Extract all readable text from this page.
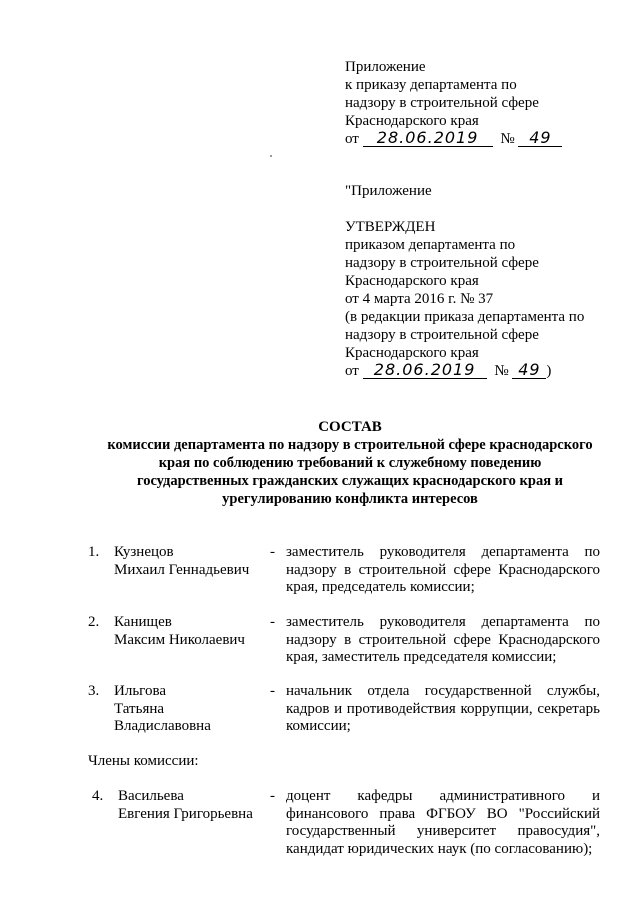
Приложение
к приказу департамента по
надзору в строительной сфере
Краснодарского края
от 28.06.2019 № 49
"Приложение
УТВЕРЖДЕН
приказом департамента по
надзору в строительной сфере
Краснодарского края
от 4 марта 2016 г. № 37
(в редакции приказа департамента по
надзору в строительной сфере
Краснодарского края
от 28.06.2019 № 49 )
СОСТАВ
комиссии департамента по надзору в строительной сфере краснодарского
края по соблюдению требований к служебному поведению
государственных гражданских служащих краснодарского края и
урегулированию конфликта интересов
1. Кузнецов
Михаил Геннадьевич
- заместитель руководителя департамента по надзору в строительной сфере Краснодарского края, председатель комиссии;
2. Канищев
Максим Николаевич
- заместитель руководителя департамента по надзору в строительной сфере Краснодарского края, заместитель председателя комиссии;
3. Ильгова
Татьяна
Владиславовна
- начальник отдела государственной службы, кадров и противодействия коррупции, секретарь комиссии;
Члены комиссии:
4. Васильева
Евгения Григорьевна
- доцент кафедры административного и финансового права ФГБОУ ВО "Российский государственный университет правосудия", кандидат юридических наук (по согласованию);
